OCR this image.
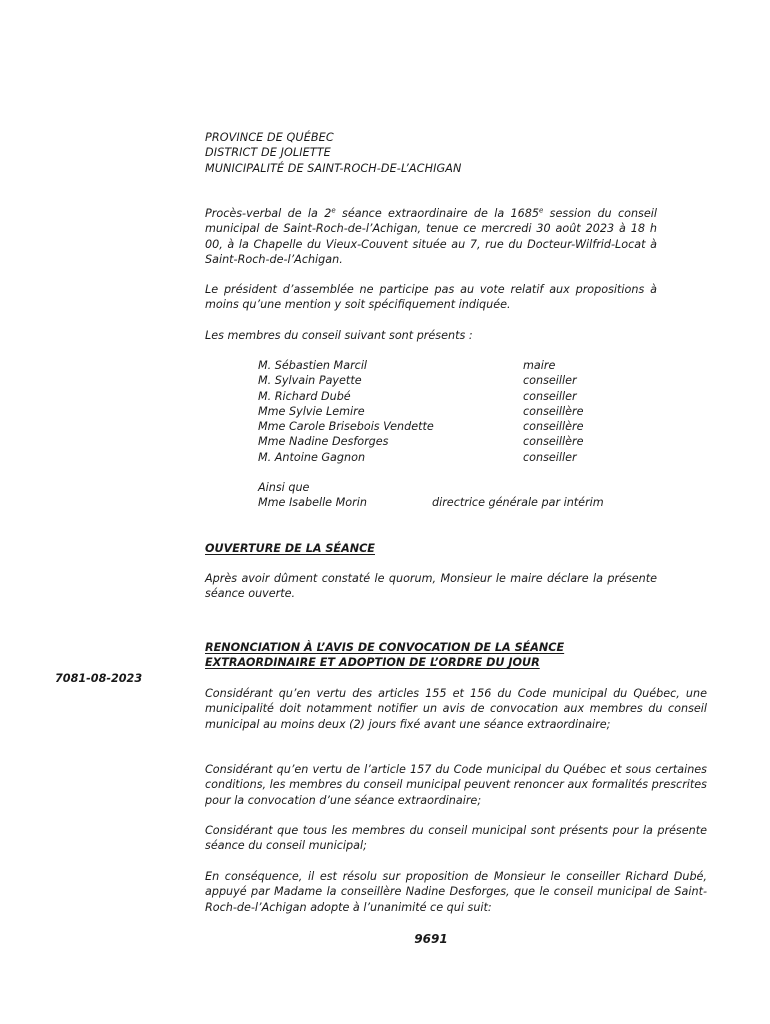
PROVINCE DE QUÉBEC
DISTRICT DE JOLIETTE
MUNICIPALITÉ DE SAINT-ROCH-DE-L’ACHIGAN

Procès-verbal de la 2e séance extraordinaire de la 1685e session du conseil municipal de Saint-Roch-de-l’Achigan, tenue ce mercredi 30 août 2023 à 18 h 00, à la Chapelle du Vieux-Couvent située au 7, rue du Docteur-Wilfrid-Locat à Saint-Roch-de-l’Achigan.

Le président d’assemblée ne participe pas au vote relatif aux propositions à moins qu’une mention y soit spécifiquement indiquée.

Les membres du conseil suivant sont présents :

M. Sébastien Marcil	maire
M. Sylvain Payette	conseiller
M. Richard Dubé	conseiller
Mme Sylvie Lemire	conseillère
Mme Carole Brisebois Vendette	conseillère
Mme Nadine Desforges	conseillère
M. Antoine Gagnon	conseiller
Ainsi que
Mme Isabelle Morin	directrice générale par intérim

OUVERTURE DE LA SÉANCE

Après avoir dûment constaté le quorum, Monsieur le maire déclare la présente séance ouverte.

7081-08-2023

RENONCIATION À L’AVIS DE CONVOCATION DE LA SÉANCE

EXTRAORDINAIRE ET ADOPTION DE L’ORDRE DU JOUR

Considérant qu’en vertu des articles 155 et 156 du Code municipal du Québec, une municipalité doit notamment notifier un avis de convocation aux membres du conseil municipal au moins deux (2) jours fixé avant une séance extraordinaire;

Considérant qu’en vertu de l’article 157 du Code municipal du Québec et sous certaines conditions, les membres du conseil municipal peuvent renoncer aux formalités prescrites pour la convocation d’une séance extraordinaire;

Considérant que tous les membres du conseil municipal sont présents pour la présente séance du conseil municipal;

En conséquence, il est résolu sur proposition de Monsieur le conseiller Richard Dubé, appuyé par Madame la conseillère Nadine Desforges, que le conseil municipal de Saint-Roch-de-l’Achigan adopte à l’unanimité ce qui suit:

9691
